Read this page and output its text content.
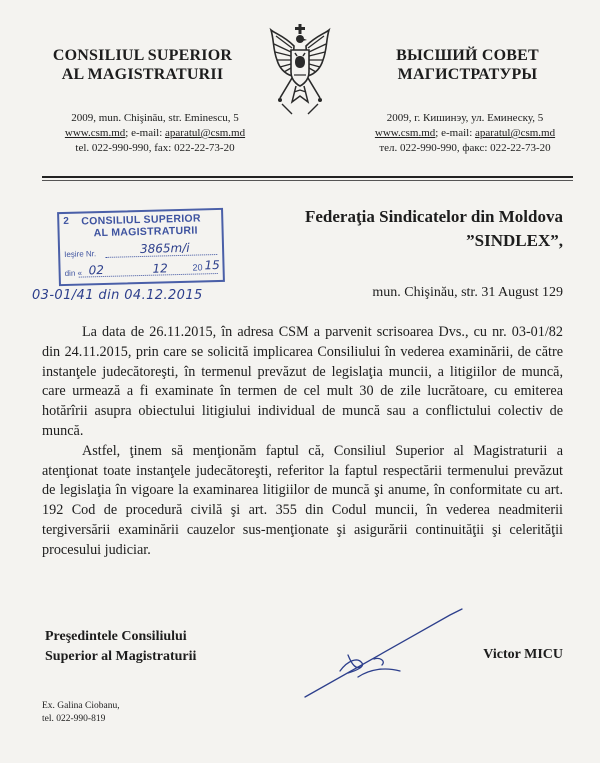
CONSILIUL SUPERIOR
AL MAGISTRATURII
2009, mun. Chişinău, str. Eminescu, 5
www.csm.md; e-mail: aparatul@csm.md
tel. 022-990-990, fax: 022-22-73-20
ВЫСШИЙ СОВЕТ
МАГИСТРАТУРЫ
2009, г. Кишинэу, ул. Еминеску, 5
www.csm.md; e-mail: aparatul@csm.md
тел. 022-990-990, факс: 022-22-73-20
2 CONSILIUL SUPERIOR
AL MAGISTRATURII
Ieşire Nr.	3865m/i
din « 02	12	20 15
03-01/41 din 04.12.2015
Federaţia Sindicatelor din Moldova
”SINDLEX”,
mun. Chişinău, str. 31 August 129

La data de 26.11.2015, în adresa CSM a parvenit scrisoarea Dvs., cu nr. 03-01/82 din 24.11.2015, prin care se solicită implicarea Consiliului în vederea examinării, de către instanţele judecătoreşti, în termenul prevăzut de legislaţia muncii, a litigiilor de muncă, care urmează a fi examinate în termen de cel mult 30 de zile lucrătoare, cu emiterea hotărîrii asupra obiectului litigiului individual de muncă sau a conflictului colectiv de muncă.

Astfel, ţinem să menţionăm faptul că, Consiliul Superior al Magistraturii a atenţionat toate instanţele judecătoreşti, referitor la faptul respectării termenului prevăzut de legislaţia în vigoare la examinarea litigiilor de muncă şi anume, în conformitate cu art. 192 Cod de procedură civilă şi art. 355 din Codul muncii, în vederea neadmiterii tergiversării examinării cauzelor sus-menţionate şi asigurării continuităţii şi celerităţii procesului judiciar.

Preşedintele Consiliului
Superior al Magistraturii	Victor MICU
Ex. Galina Ciobanu,
tel. 022-990-819
